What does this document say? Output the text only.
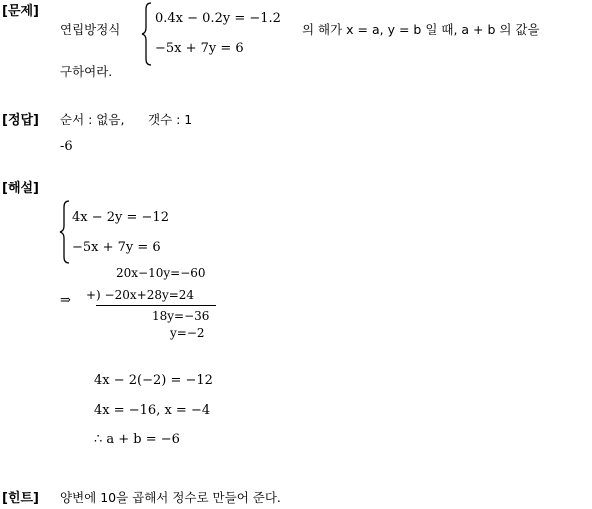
[문제]
연립방정식
0.4x − 0.2y = −1.2
−5x + 7y = 6
의 해가 x = a, y = b 일 때, a + b 의 값을
구하여라.
[정답] 순서 : 없음, 갯수 : 1
-6
[해설]
4x − 2y = −12
−5x + 7y = 6
⇒
20x−10y=−60
+) −20x+28y=24
18y=−36
y=−2
4x − 2(−2) = −12
4x = −16, x = −4
∴ a + b = −6
[힌트] 양변에 10을 곱해서 정수로 만들어 준다.
